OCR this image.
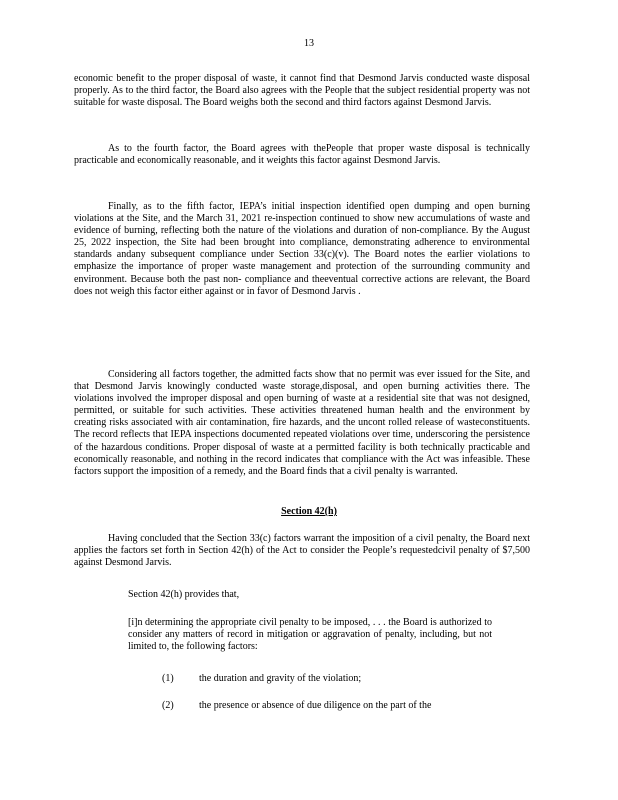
13

economic benefit to the proper disposal of waste, it cannot find that Desmond Jarvis conducted waste disposal properly. As to the third factor, the Board also agrees with the People that the subject residential property was not suitable for waste disposal. The Board weighs both the second and third factors against Desmond Jarvis.

As to the fourth factor, the Board agrees with thePeople that proper waste disposal is technically practicable and economically reasonable, and it weights this factor against Desmond Jarvis.

Finally, as to the fifth factor, IEPA’s initial inspection identified open dumping and open burning violations at the Site, and the March 31, 2021 re-inspection continued to show new accumulations of waste and evidence of burning, reflecting both the nature of the violations and duration of non-compliance. By the August 25, 2022 inspection, the Site had been brought into compliance, demonstrating adherence to environmental standards andany subsequent compliance under Section 33(c)(v). The Board notes the earlier violations to emphasize the importance of proper waste management and protection of the surrounding community and environment. Because both the past non- compliance and theeventual corrective actions are relevant, the Board does not weigh this factor either against or in favor of Desmond Jarvis .

Considering all factors together, the admitted facts show that no permit was ever issued for the Site, and that Desmond Jarvis knowingly conducted waste storage,disposal, and open burning activities there. The violations involved the improper disposal and open burning of waste at a residential site that was not designed, permitted, or suitable for such activities. These activities threatened human health and the environment by creating risks associated with air contamination, fire hazards, and the uncont rolled release of wasteconstituents. The record reflects that IEPA inspections documented repeated violations over time, underscoring the persistence of the hazardous conditions. Proper disposal of waste at a permitted facility is both technically practicable and economically reasonable, and nothing in the record indicates that compliance with the Act was infeasible. These factors support the imposition of a remedy, and the Board finds that a civil penalty is warranted.

Section 42(h)

Having concluded that the Section 33(c) factors warrant the imposition of a civil penalty, the Board next applies the factors set forth in Section 42(h) of the Act to consider the People’s requestedcivil penalty of $7,500 against Desmond Jarvis.

Section 42(h) provides that,

[i]n determining the appropriate civil penalty to be imposed, . . . the Board is authorized to consider any matters of record in mitigation or aggravation of penalty, including, but not limited to, the following factors:

(1)	the duration and gravity of the violation;

(2)	the presence or absence of due diligence on the part of the
